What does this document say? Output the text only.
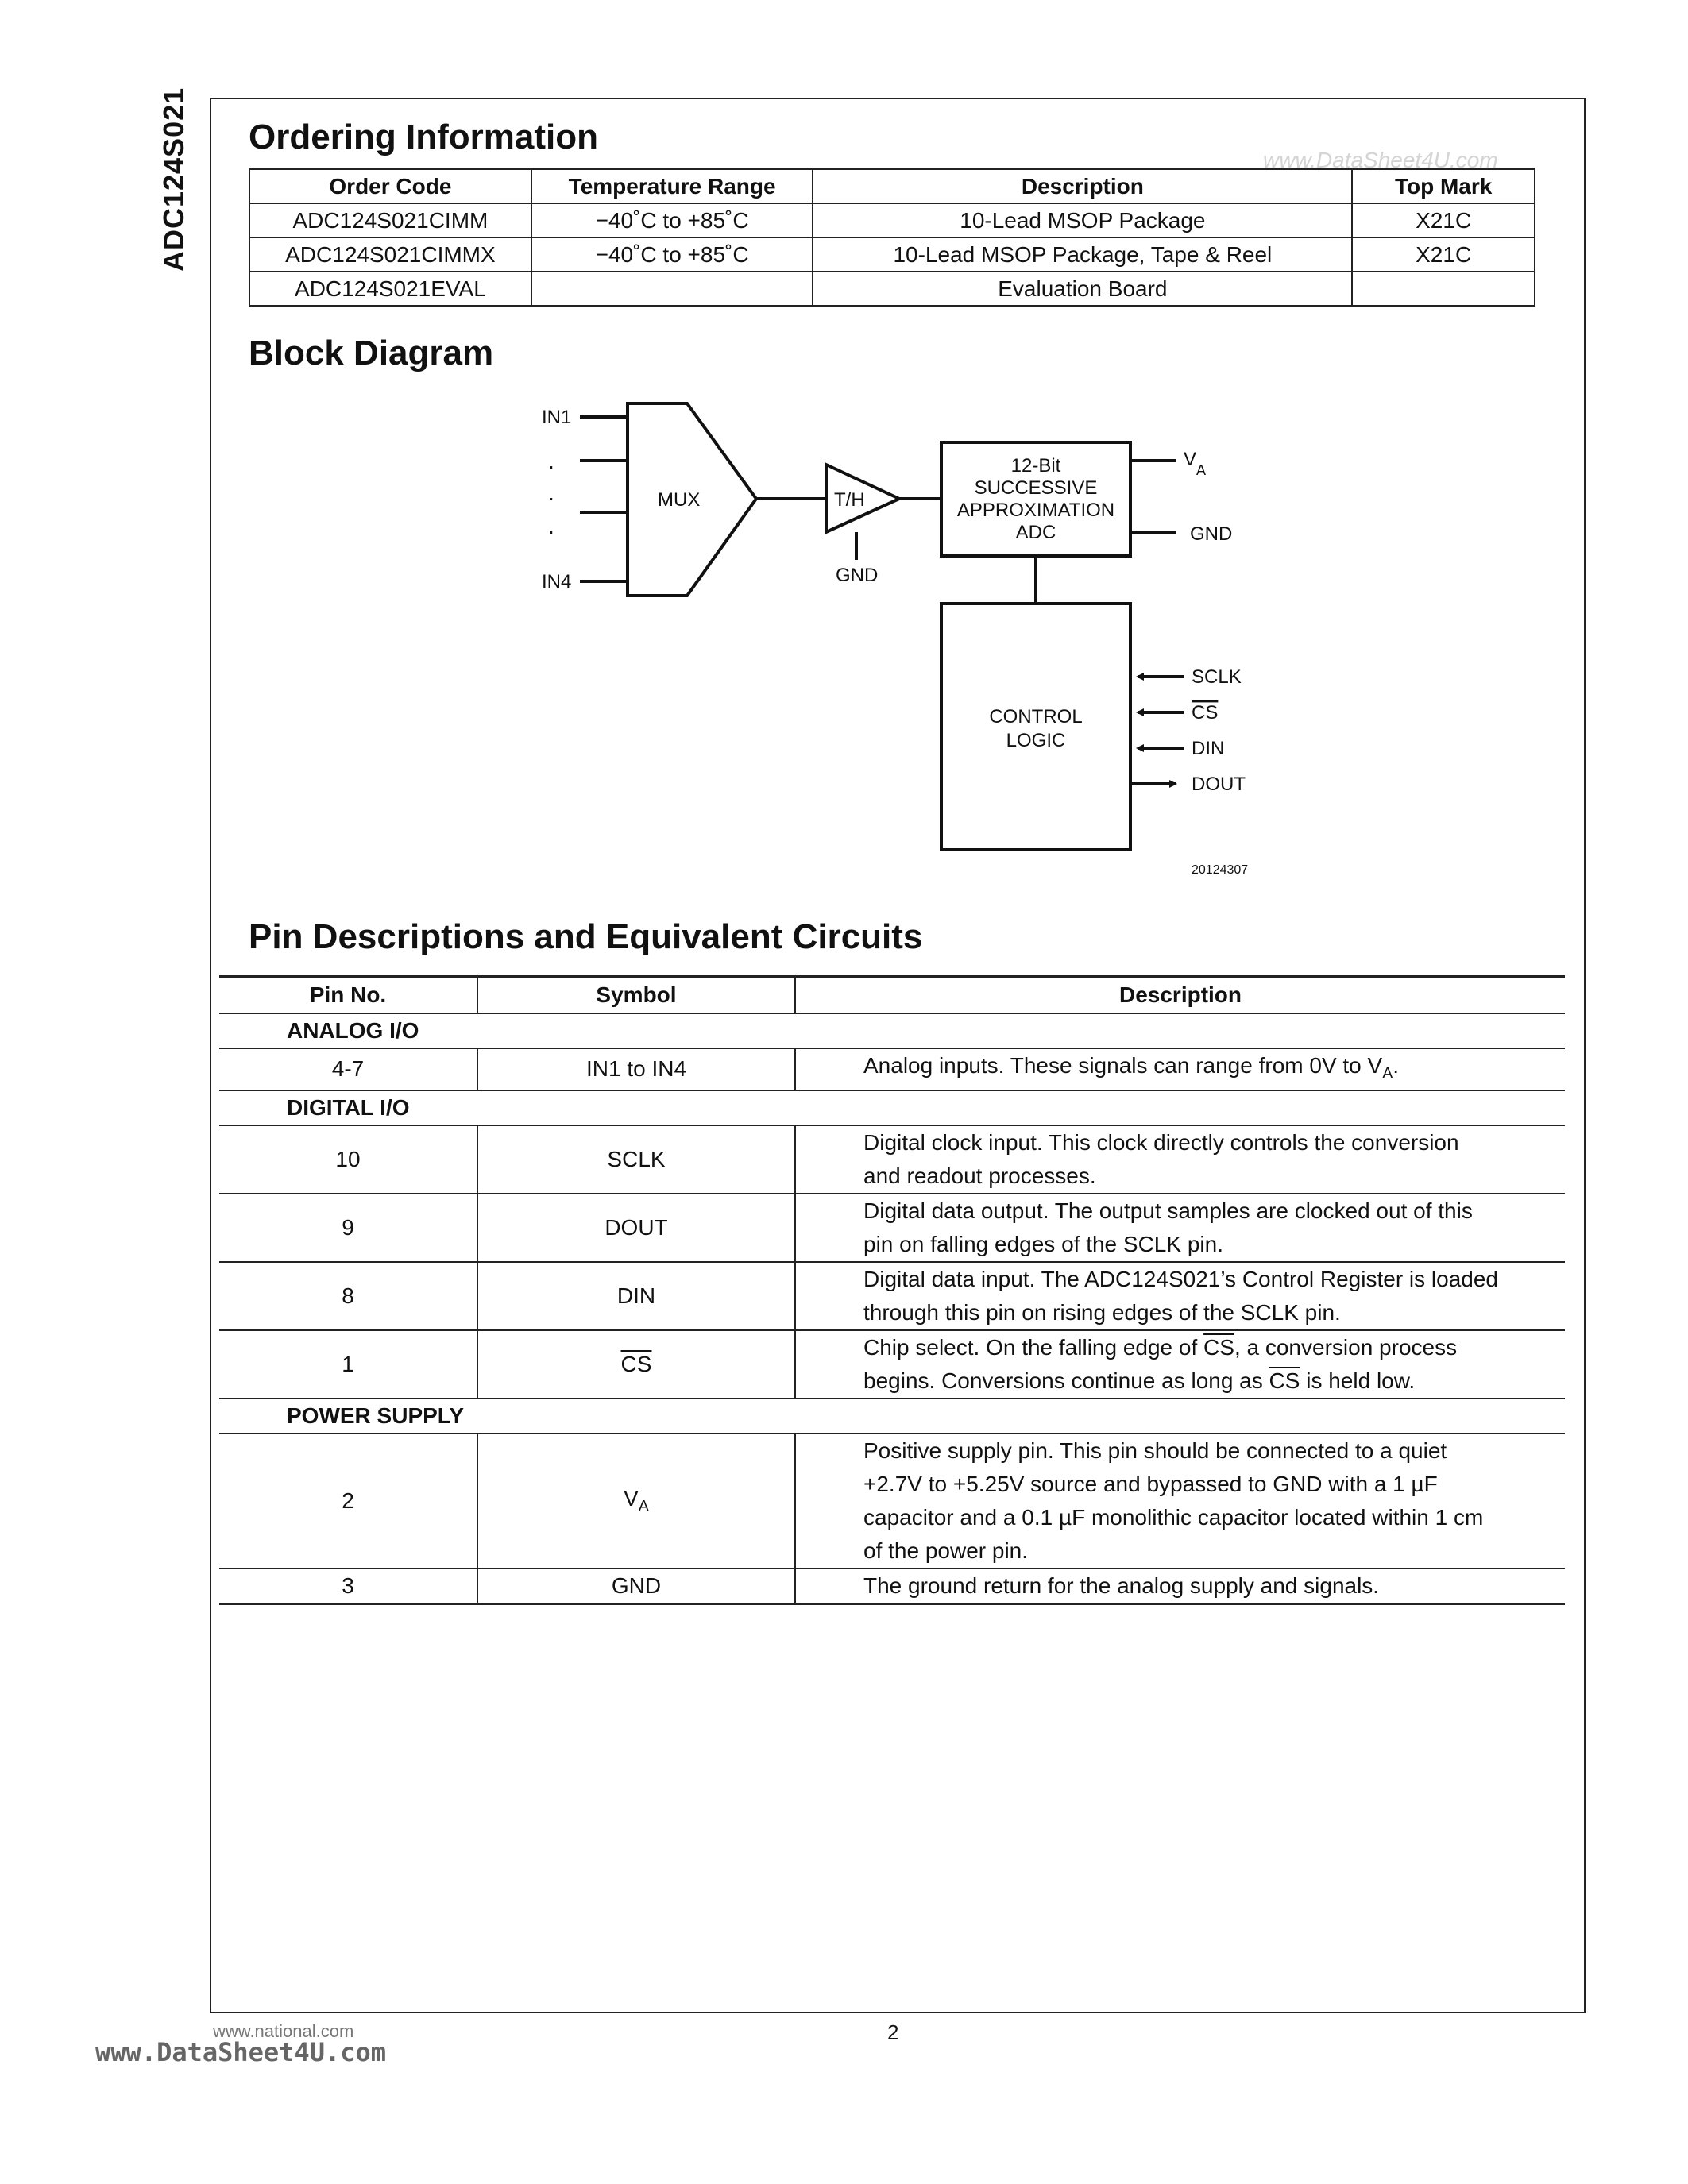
ADC124S021	www.DataSheet4U.com
Ordering Information
Order Code	Temperature Range	Description	Top Mark
ADC124S021CIMM	−40˚C to +85˚C	10-Lead MSOP Package	X21C
ADC124S021CIMMX	−40˚C to +85˚C	10-Lead MSOP Package, Tape & Reel	X21C
ADC124S021EVAL		Evaluation Board	
Block Diagram
IN1
.
.
.
IN4
MUX	T/H
GND
12-Bit
SUCCESSIVE
APPROXIMATION
ADC
V A
GND
CONTROL
LOGIC
SCLK
CS
DIN
DOUT
20124307
Pin Descriptions and Equivalent Circuits
Pin No.	Symbol	Description
ANALOG I/O		
4-7	IN1 to IN4	Analog inputs. These signals can range from 0V to $V_A$.
DIGITAL I/O		
10	SCLK	Digital clock input. This clock directly controls the conversion and readout processes.
9	DOUT	Digital data output. The output samples are clocked out of this pin on falling edges of the SCLK pin.
8	DIN	Digital data input. The ADC124S021’s Control Register is loaded through this pin on rising edges of the SCLK pin.
1	$\overline{CS}$	Chip select. On the falling edge of $\overline{CS}$, a conversion process begins. Conversions continue as long as $\overline{CS}$ is held low.
POWER SUPPLY		
2	$V_A$	Positive supply pin. This pin should be connected to a quiet +2.7V to +5.25V source and bypassed to GND with a 1 µF capacitor and a 0.1 µF monolithic capacitor located within 1 cm of the power pin.
3	GND	The ground return for the analog supply and signals.
www.national.com	2
www.DataSheet4U.com
